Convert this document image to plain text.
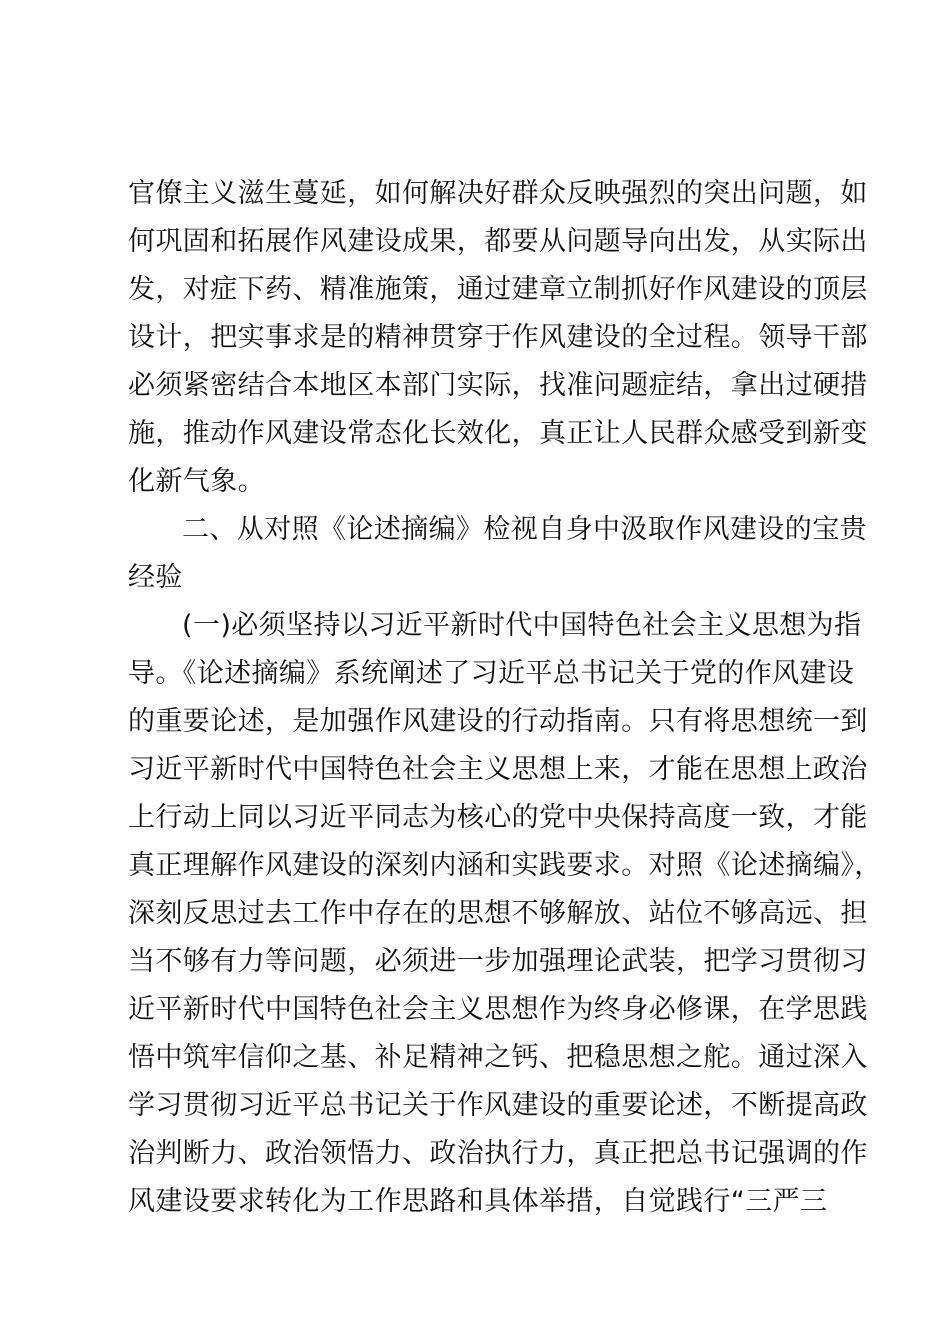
官僚主义滋生蔓延，如何解决好群众反映强烈的突出问题，如
何巩固和拓展作风建设成果，都要从问题导向出发，从实际出
发，对症下药、精准施策，通过建章立制抓好作风建设的顶层
设计，把实事求是的精神贯穿于作风建设的全过程。领导干部
必须紧密结合本地区本部门实际，找准问题症结，拿出过硬措
施，推动作风建设常态化长效化，真正让人民群众感受到新变
化新气象。
二、从对照《论述摘编》检视自身中汲取作风建设的宝贵
经验
(一)必须坚持以习近平新时代中国特色社会主义思想为指
导。《论述摘编》系统阐述了习近平总书记关于党的作风建设
的重要论述，是加强作风建设的行动指南。只有将思想统一到
习近平新时代中国特色社会主义思想上来，才能在思想上政治
上行动上同以习近平同志为核心的党中央保持高度一致，才能
真正理解作风建设的深刻内涵和实践要求。对照《论述摘编》，
深刻反思过去工作中存在的思想不够解放、站位不够高远、担
当不够有力等问题，必须进一步加强理论武装，把学习贯彻习
近平新时代中国特色社会主义思想作为终身必修课，在学思践
悟中筑牢信仰之基、补足精神之钙、把稳思想之舵。通过深入
学习贯彻习近平总书记关于作风建设的重要论述，不断提高政
治判断力、政治领悟力、政治执行力，真正把总书记强调的作
风建设要求转化为工作思路和具体举措，自觉践行“三严三
